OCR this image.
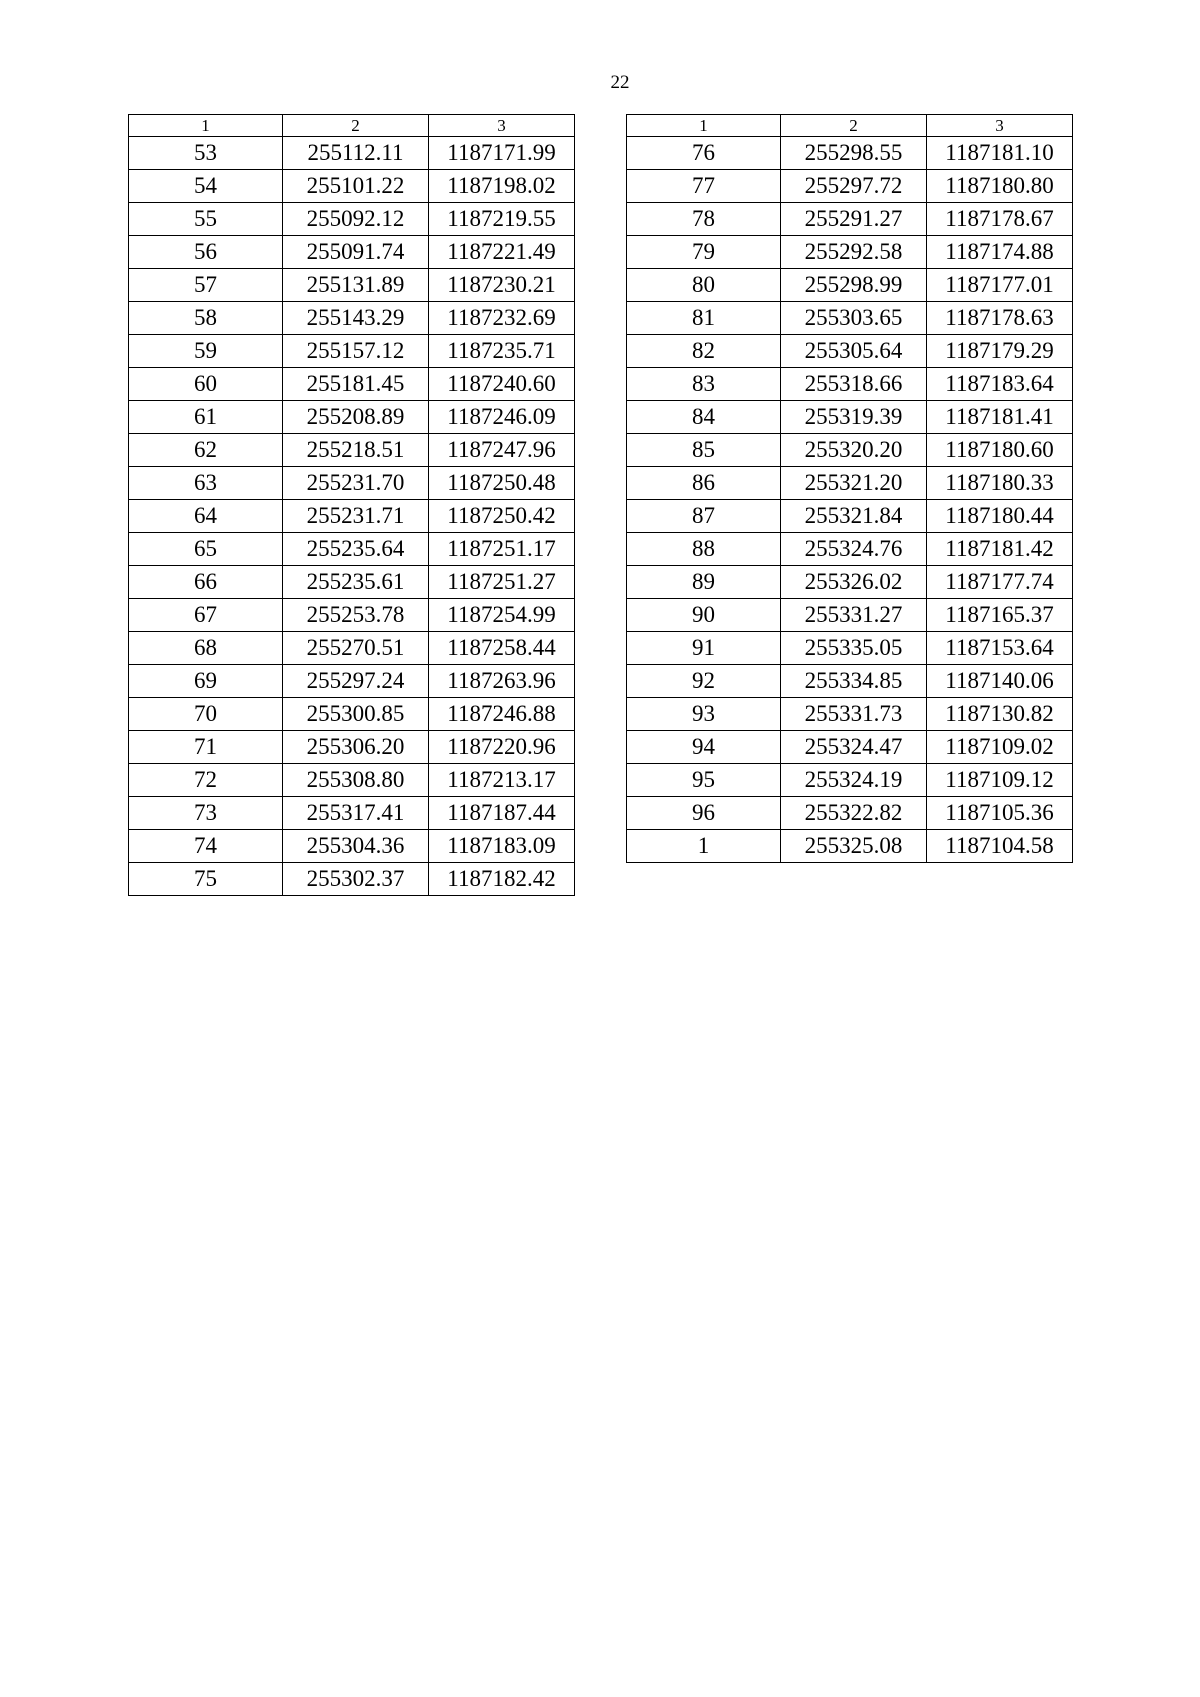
22
1	2	3
53	255112.11	1187171.99
54	255101.22	1187198.02
55	255092.12	1187219.55
56	255091.74	1187221.49
57	255131.89	1187230.21
58	255143.29	1187232.69
59	255157.12	1187235.71
60	255181.45	1187240.60
61	255208.89	1187246.09
62	255218.51	1187247.96
63	255231.70	1187250.48
64	255231.71	1187250.42
65	255235.64	1187251.17
66	255235.61	1187251.27
67	255253.78	1187254.99
68	255270.51	1187258.44
69	255297.24	1187263.96
70	255300.85	1187246.88
71	255306.20	1187220.96
72	255308.80	1187213.17
73	255317.41	1187187.44
74	255304.36	1187183.09
75	255302.37	1187182.42
1	2	3
76	255298.55	1187181.10
77	255297.72	1187180.80
78	255291.27	1187178.67
79	255292.58	1187174.88
80	255298.99	1187177.01
81	255303.65	1187178.63
82	255305.64	1187179.29
83	255318.66	1187183.64
84	255319.39	1187181.41
85	255320.20	1187180.60
86	255321.20	1187180.33
87	255321.84	1187180.44
88	255324.76	1187181.42
89	255326.02	1187177.74
90	255331.27	1187165.37
91	255335.05	1187153.64
92	255334.85	1187140.06
93	255331.73	1187130.82
94	255324.47	1187109.02
95	255324.19	1187109.12
96	255322.82	1187105.36
1	255325.08	1187104.58
